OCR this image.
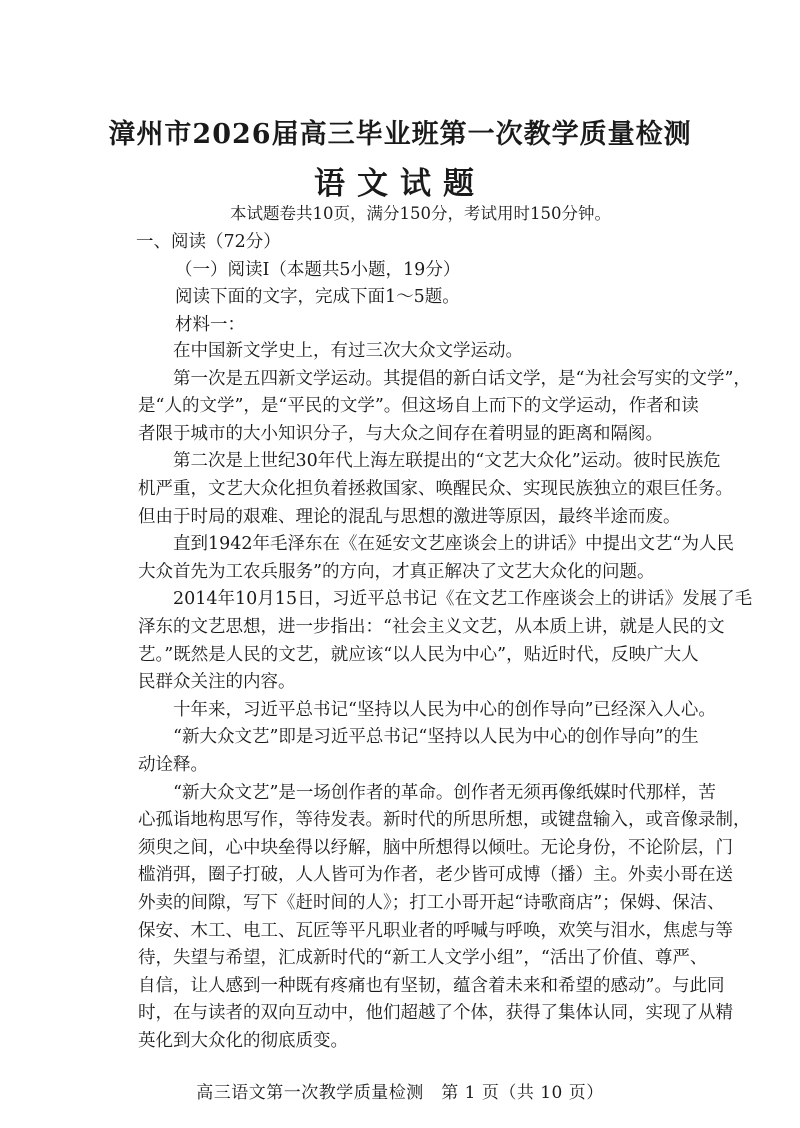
漳州市2026届高三毕业班第一次教学质量检测
语文试题
本试题卷共10页，满分150分，考试用时150分钟。
一、阅读（72分）
（一）阅读Ⅰ（本题共5小题，19分）
阅读下面的文字，完成下面1～5题。
材料一：
　　在中国新文学史上，有过三次大众文学运动。
　　第一次是五四新文学运动。其提倡的新白话文学，是“为社会写实的文学”，
是“人的文学”，是“平民的文学”。但这场自上而下的文学运动，作者和读
者限于城市的大小知识分子，与大众之间存在着明显的距离和隔阂。
　　第二次是上世纪30年代上海左联提出的“文艺大众化”运动。彼时民族危
机严重，文艺大众化担负着拯救国家、唤醒民众、实现民族独立的艰巨任务。
但由于时局的艰难、理论的混乱与思想的激进等原因，最终半途而废。
　　直到1942年毛泽东在《在延安文艺座谈会上的讲话》中提出文艺“为人民
大众首先为工农兵服务”的方向，才真正解决了文艺大众化的问题。
　　2014年10月15日，习近平总书记《在文艺工作座谈会上的讲话》发展了毛
泽东的文艺思想，进一步指出：“社会主义文艺，从本质上讲，就是人民的文
艺。”既然是人民的文艺，就应该“以人民为中心”，贴近时代，反映广大人
民群众关注的内容。
　　十年来，习近平总书记“坚持以人民为中心的创作导向”已经深入人心。
　　“新大众文艺”即是习近平总书记“坚持以人民为中心的创作导向”的生
动诠释。
　　“新大众文艺”是一场创作者的革命。创作者无须再像纸媒时代那样，苦
心孤诣地构思写作，等待发表。新时代的所思所想，或键盘输入，或音像录制，
须臾之间，心中块垒得以纾解，脑中所想得以倾吐。无论身份，不论阶层，门
槛消弭，圈子打破，人人皆可为作者，老少皆可成博（播）主。外卖小哥在送
外卖的间隙，写下《赶时间的人》；打工小哥开起“诗歌商店”；保姆、保洁、
保安、木工、电工、瓦匠等平凡职业者的呼喊与呼唤，欢笑与泪水，焦虑与等
待，失望与希望，汇成新时代的“新工人文学小组”，“活出了价值、尊严、
自信，让人感到一种既有疼痛也有坚韧，蕴含着未来和希望的感动”。与此同
时，在与读者的双向互动中，他们超越了个体，获得了集体认同，实现了从精
英化到大众化的彻底质变。
高三语文第一次教学质量检测　第 1 页（共 10 页）
